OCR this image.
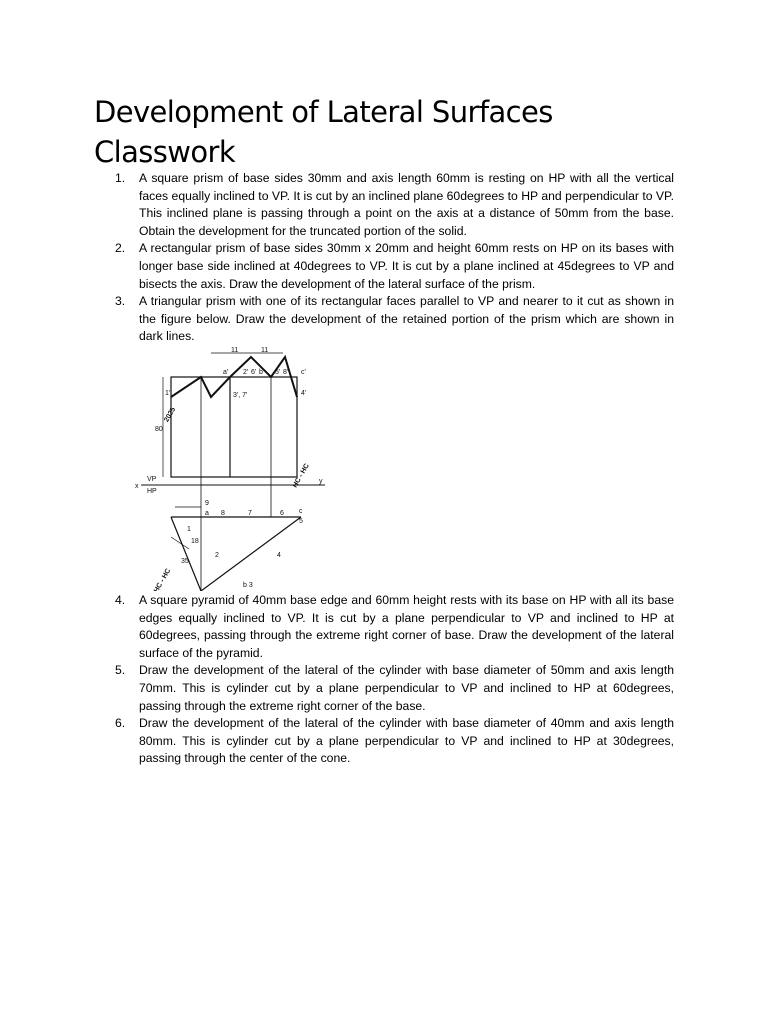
Development of Lateral Surfaces
Classwork
1. A square prism of base sides 30mm and axis length 60mm is resting on HP with all the vertical faces equally inclined to VP. It is cut by an inclined plane 60degrees to HP and perpendicular to VP. This inclined plane is passing through a point on the axis at a distance of 50mm from the base. Obtain the development for the truncated portion of the solid.
2. A rectangular prism of base sides 30mm x 20mm and height 60mm rests on HP on its bases with longer base side inclined at 40degrees to VP. It is cut by a plane inclined at 45degrees to VP and bisects the axis. Draw the development of the lateral surface of the prism.
3. A triangular prism with one of its rectangular faces parallel to VP and nearer to it cut as shown in the figure below. Draw the development of the retained portion of the prism which are shown in dark lines.
2025
HC - HC
HC - HC
11	11
a' 2' 6' b' 5' 8' c'
1'	3', 7'	4'
80
x
VP
HP
y
9
a 8	7	6 c
5
1
2	4
b 3
18
35
4. A square pyramid of 40mm base edge and 60mm height rests with its base on HP with all its base edges equally inclined to VP. It is cut by a plane perpendicular to VP and inclined to HP at 60degrees, passing through the extreme right corner of base. Draw the development of the lateral surface of the pyramid.
5. Draw the development of the lateral of the cylinder with base diameter of 50mm and axis length 70mm. This is cylinder cut by a plane perpendicular to VP and inclined to HP at 60degrees, passing through the extreme right corner of the base.
6. Draw the development of the lateral of the cylinder with base diameter of 40mm and axis length 80mm. This is cylinder cut by a plane perpendicular to VP and inclined to HP at 30degrees, passing through the center of the cone.
